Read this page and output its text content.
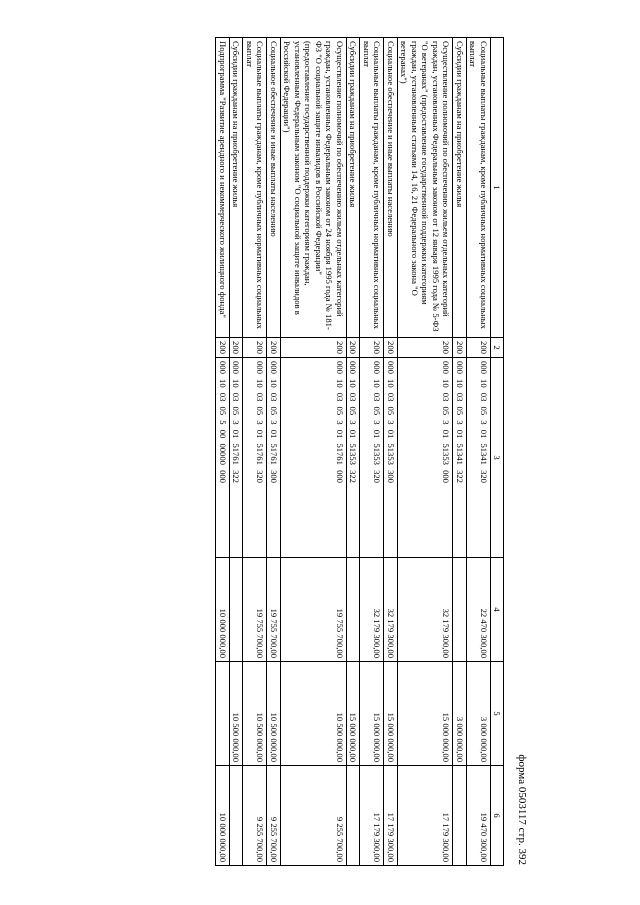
форма 0503117 стр. 392
1	2	3	4	5	6
Социальные выплаты гражданам, кроме публичных нормативных социальных выплат	200	000 10 03 05 3 01 51341 320	22 470 300,00	3 000 000,00	19 470 300,00
Субсидии гражданам на приобретение жилья	200	000 10 03 05 3 01 51341 322		3 000 000,00	
Осуществление полномочий по обеспечению жильем отдельных категорий граждан, установленных Федеральным законом от 12 января 1995 года № 5-ФЗ "О ветеранах" (предоставление государственной поддержки категориям граждан, установленным статьями 14, 16, 21 Федерального закона "О ветеранах")	200	000 10 03 05 3 01 51353 000	32 179 300,00	15 000 000,00	17 179 300,00
Социальное обеспечение и иные выплаты населению	200	000 10 03 05 3 01 51353 300	32 179 300,00	15 000 000,00	17 179 300,00
Социальные выплаты гражданам, кроме публичных нормативных социальных выплат	200	000 10 03 05 3 01 51353 320	32 179 300,00	15 000 000,00	17 179 300,00
Субсидии гражданам на приобретение жилья	200	000 10 03 05 3 01 51353 322		15 000 000,00	
Осуществление полномочий по обеспечению жильем отдельных категорий граждан, установленных Федеральным законом от 24 ноября 1995 года № 181-ФЗ "О социальной защите инвалидов в Российской Федерации" (предоставление государственной поддержки категориям граждан, установленным Федеральным законом "О социальной защите инвалидов в Российской Федерации")	200	000 10 03 05 3 01 51761 000	19 755 700,00	10 500 000,00	9 255 700,00
Социальное обеспечение и иные выплаты населению	200	000 10 03 05 3 01 51761 300	19 755 700,00	10 500 000,00	9 255 700,00
Социальные выплаты гражданам, кроме публичных нормативных социальных выплат	200	000 10 03 05 3 01 51761 320	19 755 700,00	10 500 000,00	9 255 700,00
Субсидии гражданам на приобретение жилья	200	000 10 03 05 3 01 51761 322		10 500 000,00	
Подпрограмма "Развитие арендного и некоммерческого жилищного фонда"	200	000 10 03 05 5 00 00000 000	10 000 000,00		10 000 000,00
